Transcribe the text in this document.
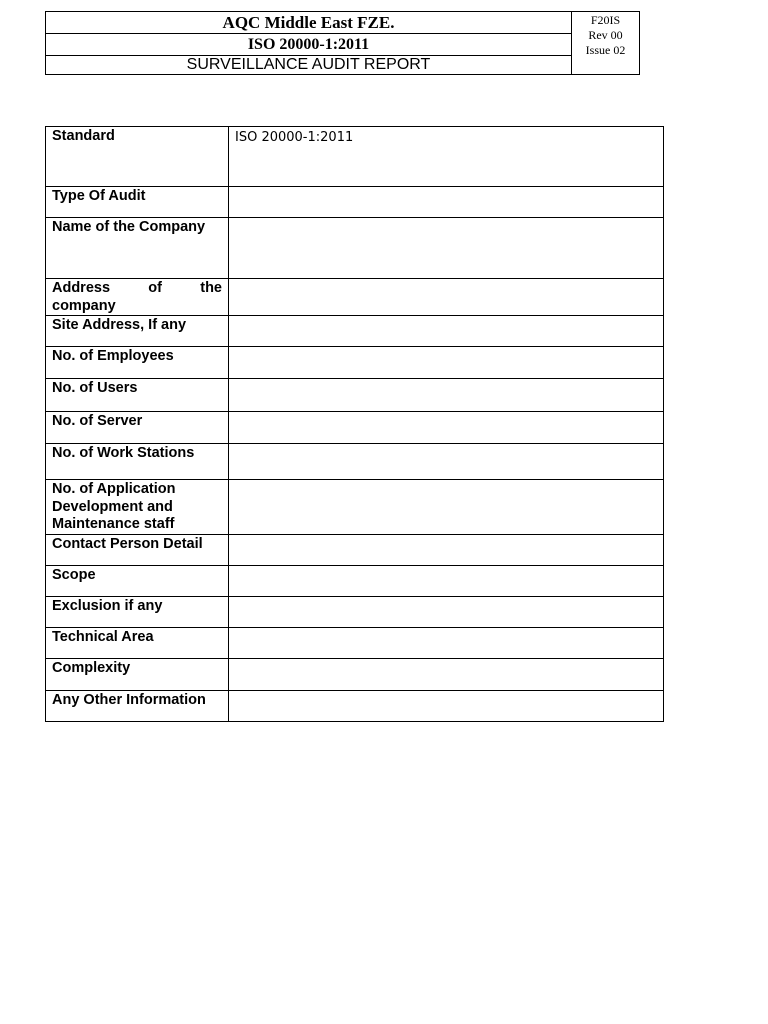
AQC Middle East FZE.
ISO 20000-1:2011
SURVEILLANCE AUDIT REPORT
F20IS
Rev 00
Issue 02
Standard	ISO 20000-1:2011
Type Of Audit	
Name of the Company	

Address of the
company	

Site Address, If any	
No. of Employees	
No. of Users	
No. of Server	
No. of Work Stations	

No. of Application
Development and
Maintenance staff	

Contact Person Detail	
Scope	
Exclusion if any	
Technical Area	
Complexity	
Any Other Information	
